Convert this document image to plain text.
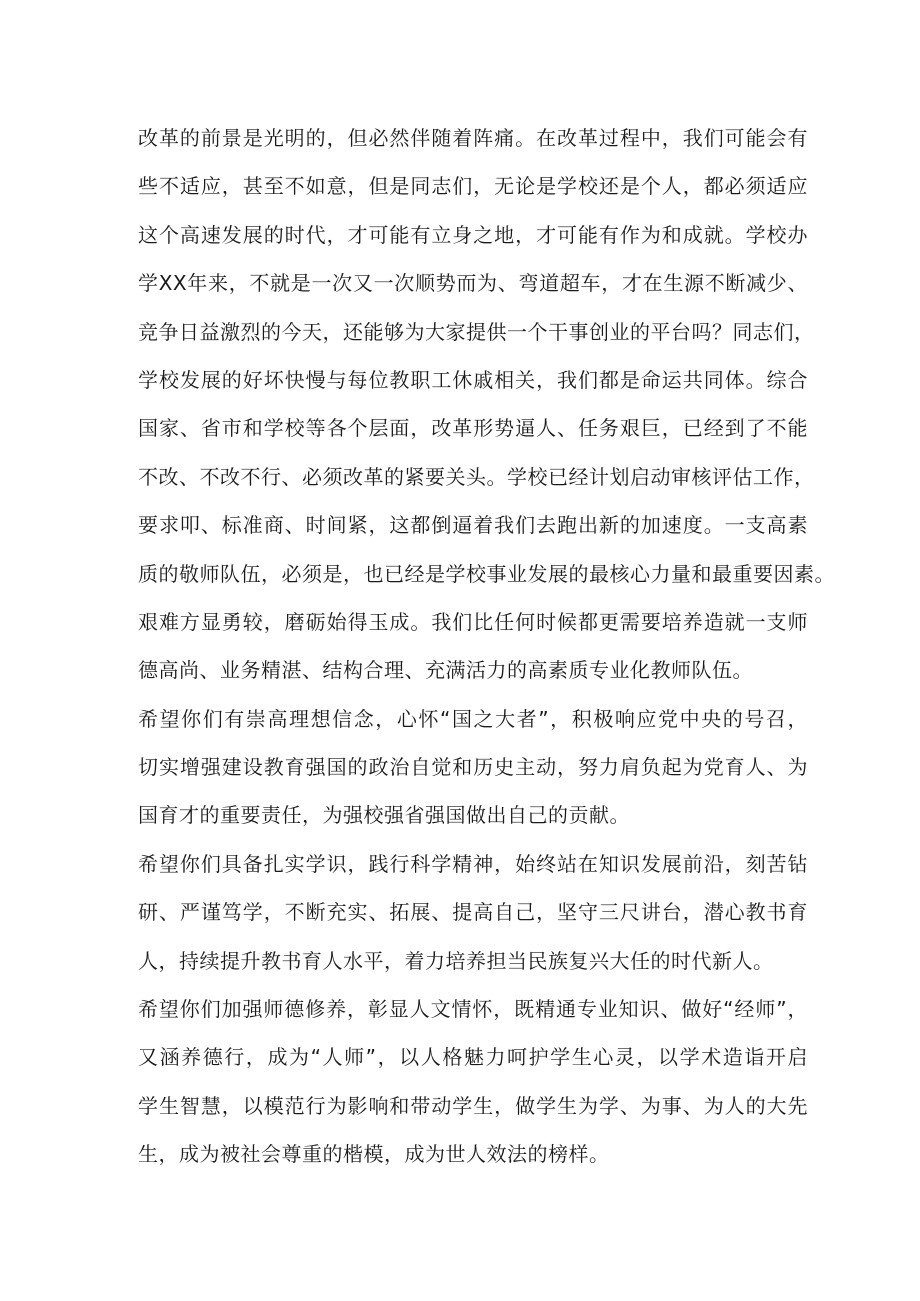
改革的前景是光明的，但必然伴随着阵痛。在改革过程中，我们可能会有
些不适应，甚至不如意，但是同志们，无论是学校还是个人，都必须适应
这个高速发展的时代，才可能有立身之地，才可能有作为和成就。学校办
学XX年来，不就是一次又一次顺势而为、弯道超车，才在生源不断减少、
竞争日益激烈的今天，还能够为大家提供一个干事创业的平台吗？同志们，
学校发展的好坏快慢与每位教职工休戚相关，我们都是命运共同体。综合
国家、省市和学校等各个层面，改革形势逼人、任务艰巨，已经到了不能
不改、不改不行、必须改革的紧要关头。学校已经计划启动审核评估工作，
要求叩、标准商、时间紧，这都倒逼着我们去跑出新的加速度。一支高素
质的敬师队伍，必须是，也已经是学校事业发展的最核心力量和最重要因素。
艰难方显勇较，磨砺始得玉成。我们比任何时候都更需要培养造就一支师
德高尚、业务精湛、结构合理、充满活力的高素质专业化教师队伍。
希望你们有崇高理想信念，心怀“国之大者”，积极响应党中央的号召，
切实增强建设教育强国的政治自觉和历史主动，努力肩负起为党育人、为
国育才的重要责任，为强校强省强国做出自己的贡献。
希望你们具备扎实学识，践行科学精神，始终站在知识发展前沿，刻苦钻
研、严谨笃学，不断充实、拓展、提高自己，坚守三尺讲台，潜心教书育
人，持续提升教书育人水平，着力培养担当民族复兴大任的时代新人。
希望你们加强师德修养，彰显人文情怀，既精通专业知识、做好“经师”，
又涵养德行，成为“人师”，以人格魅力呵护学生心灵，以学术造诣开启
学生智慧，以模范行为影响和带动学生，做学生为学、为事、为人的大先
生，成为被社会尊重的楷模，成为世人效法的榜样。
